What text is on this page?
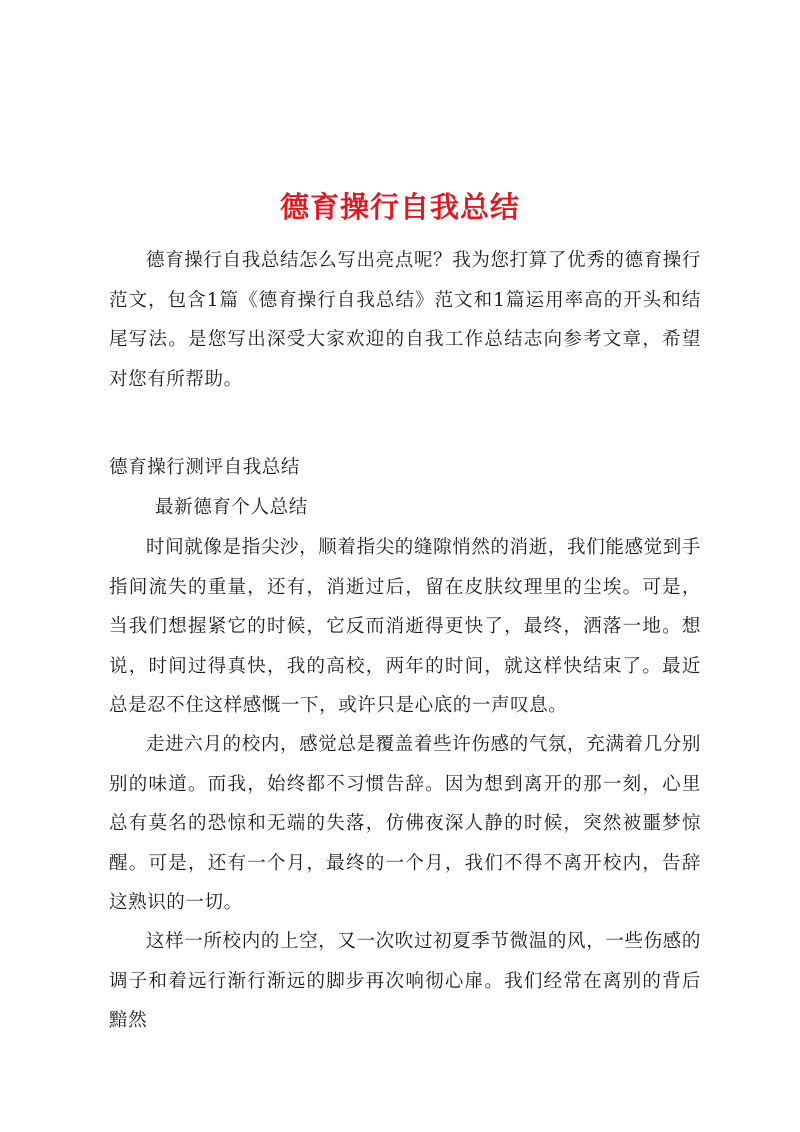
德育操行自我总结

德育操行自我总结怎么写出亮点呢？我为您打算了优秀的德育操行范文，包含1篇《德育操行自我总结》范文和1篇运用率高的开头和结尾写法。是您写出深受大家欢迎的自我工作总结志向参考文章，希望对您有所帮助。

德育操行测评自我总结

最新德育个人总结

时间就像是指尖沙，顺着指尖的缝隙悄然的消逝，我们能感觉到手指间流失的重量，还有，消逝过后，留在皮肤纹理里的尘埃。可是，当我们想握紧它的时候，它反而消逝得更快了，最终，洒落一地。想说，时间过得真快，我的高校，两年的时间，就这样快结束了。最近总是忍不住这样感慨一下，或许只是心底的一声叹息。

走进六月的校内，感觉总是覆盖着些许伤感的气氛，充满着几分别别的味道。而我，始终都不习惯告辞。因为想到离开的那一刻，心里总有莫名的恐惊和无端的失落，仿佛夜深人静的时候，突然被噩梦惊醒。可是，还有一个月，最终的一个月，我们不得不离开校内，告辞这熟识的一切。

这样一所校内的上空，又一次吹过初夏季节微温的风，一些伤感的调子和着远行渐行渐远的脚步再次响彻心扉。我们经常在离别的背后黯然
